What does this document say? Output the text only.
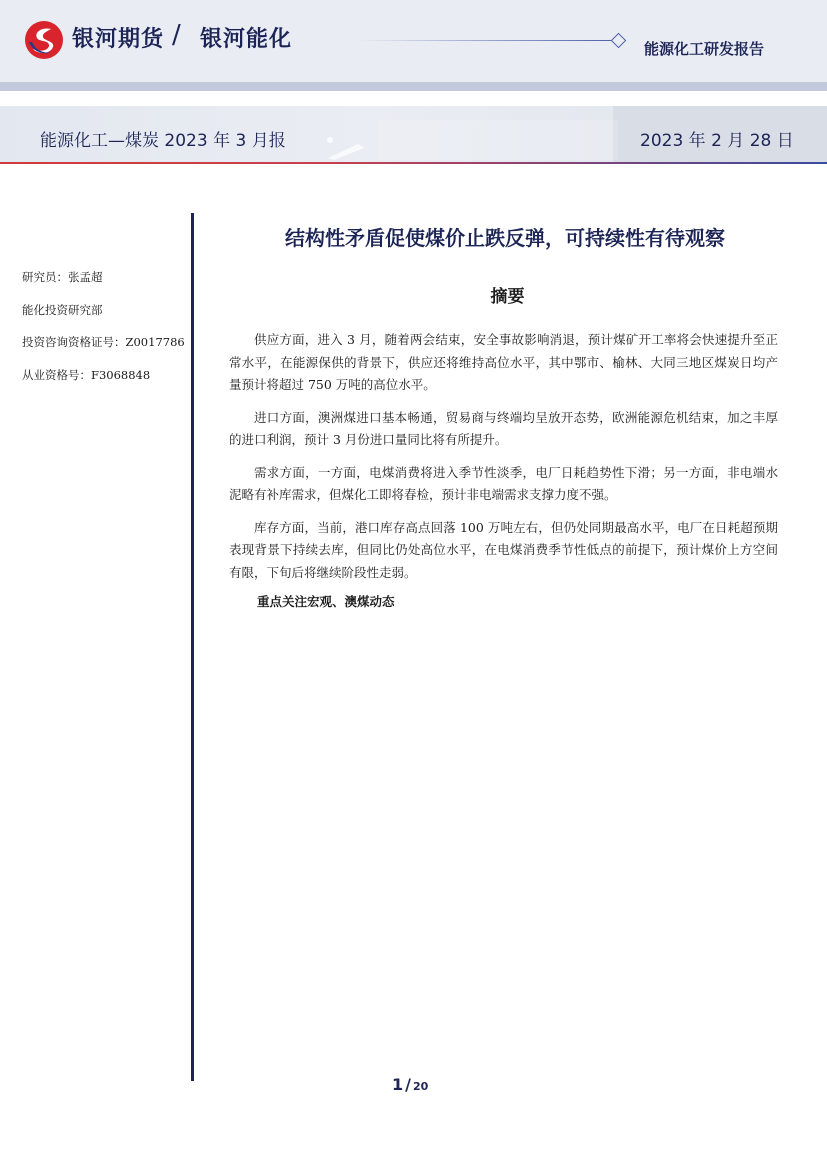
银河期货 / 银河能化	能源化工研发报告
能源化工—煤炭 2023 年 3 月报	2023 年 2 月 28 日
研究员：张孟超
能化投资研究部
投资咨询资格证号：Z0017786
从业资格号：F3068848
结构性矛盾促使煤价止跌反弹，可持续性有待观察
摘要

供应方面，进入 3 月，随着两会结束，安全事故影响消退，预计煤矿开工率将会快速提升至正常水平，在能源保供的背景下，供应还将维持高位水平，其中鄂市、榆林、大同三地区煤炭日均产量预计将超过 750 万吨的高位水平。

进口方面，澳洲煤进口基本畅通，贸易商与终端均呈放开态势，欧洲能源危机结束，加之丰厚的进口利润，预计 3 月份进口量同比将有所提升。

需求方面，一方面，电煤消费将进入季节性淡季，电厂日耗趋势性下滑；另一方面，非电端水泥略有补库需求，但煤化工即将春检，预计非电端需求支撑力度不强。

库存方面，当前，港口库存高点回落 100 万吨左右，但仍处同期最高水平，电厂在日耗超预期表现背景下持续去库，但同比仍处高位水平，在电煤消费季节性低点的前提下，预计煤价上方空间有限，下旬后将继续阶段性走弱。

重点关注宏观、澳煤动态
1 / 20
